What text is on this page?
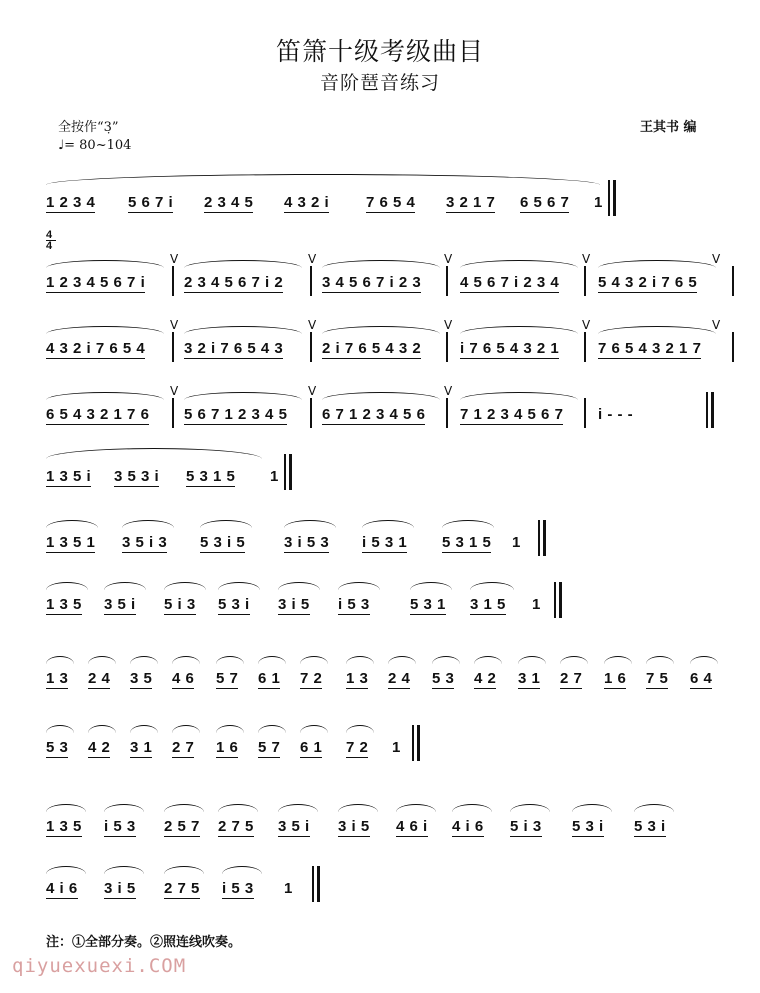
笛箫十级考级曲目
音阶琶音练习
全按作“3̣”
♩= 80~104
王其书 编
4
4
1 2 3 4 5 6 7 i 2 3 4 5 4 3 2 i 7 6 5 4 3 2 1 7 6 5 6 7 1
1 2 3 4 5 6 7 i	2 3 4 5 6 7 i 2	3 4 5 6 7 i 2 3	4 5 6 7 i 2 3 4	5 4 3 2 i 7 6 5
V	V	V	V	V
4 3 2 i 7 6 5 4	3 2 i 7 6 5 4 3	2 i 7 6 5 4 3 2	i 7 6 5 4 3 2 1	7 6 5 4 3 2 1 7
V	V	V	V	V
6 5 4 3 2 1 7 6 5 6 7 1 2 3 4 5 6 7 1 2 3 4 5 6 7 1 2 3 4 5 6 7 i - - -
V	V	V
1 3 5 i 3 5 3 i 5 3 1 5 1
1 3 5 1 3 5 i 3 5 3 i 5	3 i 5 3 i 5 3 1 5 3 1 5 1
1 3 5 3 5 i 5 i 3 5 3 i 3 i 5 i 5 3	5 3 1 3 1 5 1
1 3 2 4 3 5 4 6 5 7 6 1 7 2 1 3 2 4 5 3 4 2 3 1 2 7 1 6 7 5 6 4
5 3 4 2 3 1 2 7 1 6 5 7 6 1 7 2 1
1 3 5 i 5 3 2 5 7 2 7 5 3 5 i 3 i 5 4 6 i 4 i 6 5 i 3 5 3 i 5 3 i
4 i 6 3 i 5 2 7 5 i 5 3 1
注：①全部分奏。②照连线吹奏。
qiyuexuexi.COM
